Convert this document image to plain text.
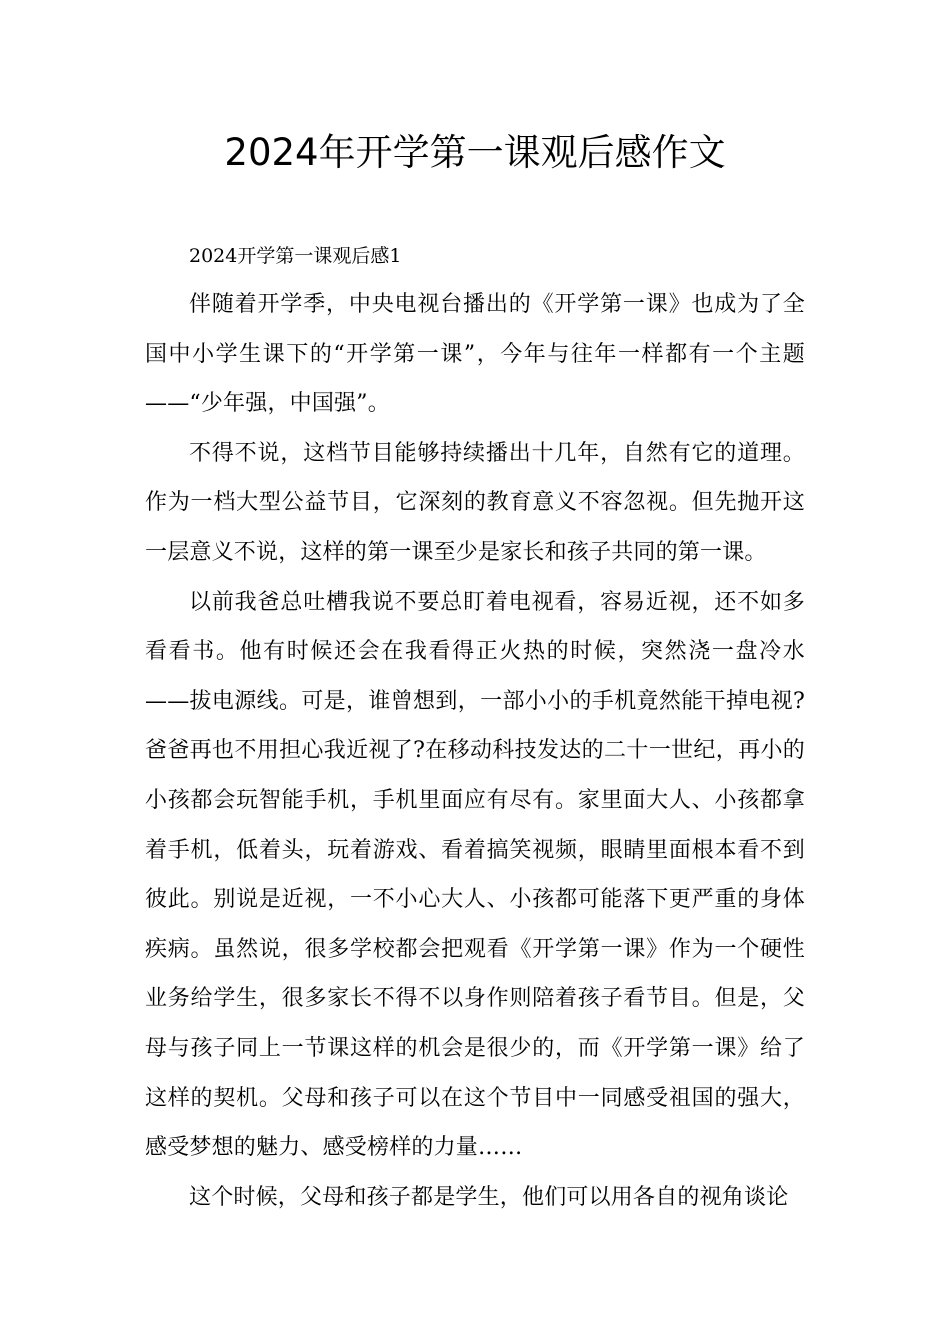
2024年开学第一课观后感作文

2024开学第一课观后感1

伴随着开学季，中央电视台播出的《开学第一课》也成为了全国中小学生课下的“开学第一课”，今年与往年一样都有一个主题——“少年强，中国强”。

不得不说，这档节目能够持续播出十几年，自然有它的道理。作为一档大型公益节目，它深刻的教育意义不容忽视。但先抛开这一层意义不说，这样的第一课至少是家长和孩子共同的第一课。

以前我爸总吐槽我说不要总盯着电视看，容易近视，还不如多看看书。他有时候还会在我看得正火热的时候，突然浇一盘冷水——拔电源线。可是，谁曾想到，一部小小的手机竟然能干掉电视?爸爸再也不用担心我近视了?在移动科技发达的二十一世纪，再小的小孩都会玩智能手机，手机里面应有尽有。家里面大人、小孩都拿着手机，低着头，玩着游戏、看着搞笑视频，眼睛里面根本看不到彼此。别说是近视，一不小心大人、小孩都可能落下更严重的身体疾病。虽然说，很多学校都会把观看《开学第一课》作为一个硬性业务给学生，很多家长不得不以身作则陪着孩子看节目。但是，父母与孩子同上一节课这样的机会是很少的，而《开学第一课》给了这样的契机。父母和孩子可以在这个节目中一同感受祖国的强大，感受梦想的魅力、感受榜样的力量……

这个时候，父母和孩子都是学生，他们可以用各自的视角谈论
